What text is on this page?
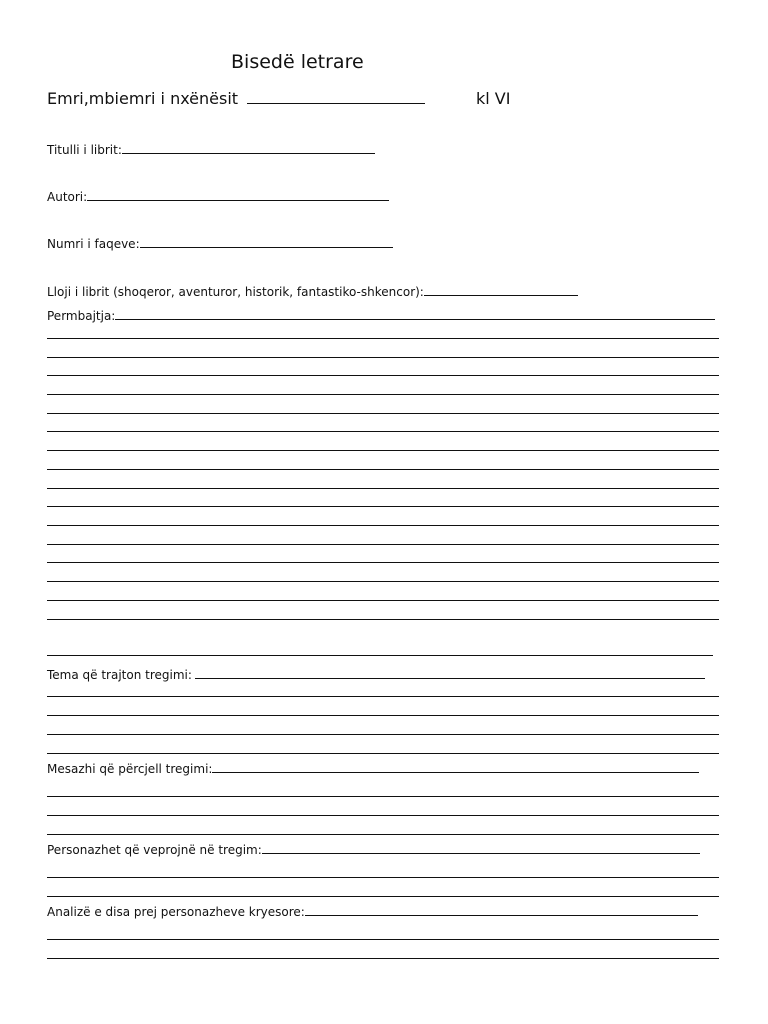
Bisedë letrare
Emri,mbiemri i nxënësit	kl VI
Titulli i librit:
Autori:
Numri i faqeve:
Lloji i librit (shoqeror, aventuror, historik, fantastiko-shkencor):
Permbajtja:
Tema që trajton tregimi:
Mesazhi që përcjell tregimi:
Personazhet që veprojnë në tregim:
Analizë e disa prej personazheve kryesore:
